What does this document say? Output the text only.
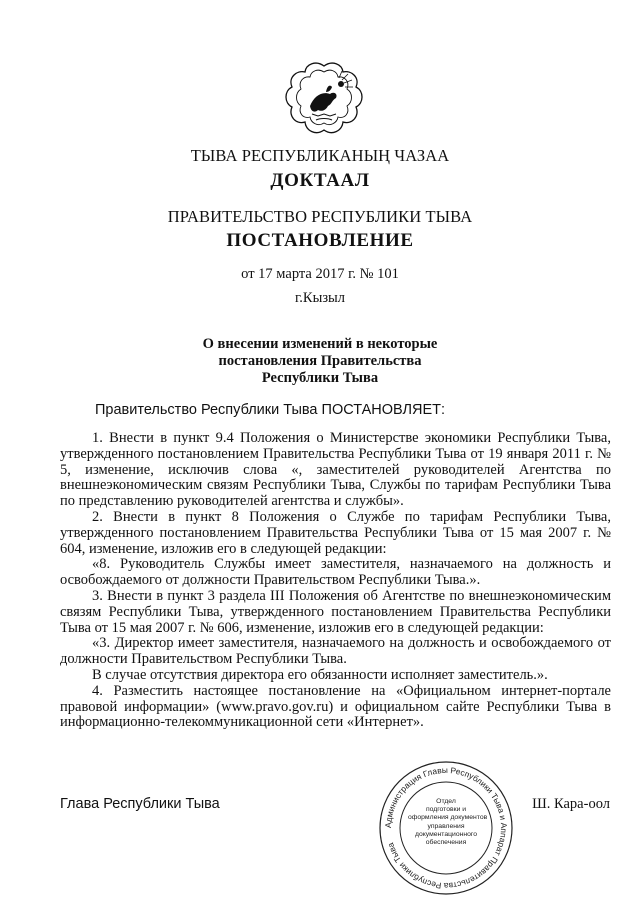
ТЫВА РЕСПУБЛИКАНЫҢ ЧАЗАА
ДОКТААЛ
ПРАВИТЕЛЬСТВО РЕСПУБЛИКИ ТЫВА
ПОСТАНОВЛЕНИЕ
от 17 марта 2017 г. № 101
г.Кызыл
О внесении изменений в некоторые
постановления Правительства
Республики Тыва
Правительство Республики Тыва ПОСТАНОВЛЯЕТ:

1. Внести в пункт 9.4 Положения о Министерстве экономики Республики Тыва, утвержденного постановлением Правительства Республики Тыва от 19 января 2011 г. № 5, изменение, исключив слова «, заместителей руководителей Агентства по внешнеэкономическим связям Республики Тыва, Службы по тарифам Республики Тыва по представлению руководителей агентства и службы».

2. Внести в пункт 8 Положения о Службе по тарифам Республики Тыва, утвержденного постановлением Правительства Республики Тыва от 15 мая 2007 г. № 604, изменение, изложив его в следующей редакции:

«8. Руководитель Службы имеет заместителя, назначаемого на должность и освобождаемого от должности Правительством Республики Тыва.».

3. Внести в пункт 3 раздела III Положения об Агентстве по внешнеэкономическим связям Республики Тыва, утвержденного постановлением Правительства Республики Тыва от 15 мая 2007 г. № 606, изменение, изложив его в следующей редакции:

«3. Директор имеет заместителя, назначаемого на должность и освобождаемого от должности Правительством Республики Тыва.

В случае отсутствия директора его обязанности исполняет заместитель.».

4. Разместить настоящее постановление на «Официальном интернет-портале правовой информации» (www.pravo.gov.ru) и официальном сайте Республики Тыва в информационно-телекоммуникационной сети «Интернет».

Глава Республики Тыва	Ш. Кара-оол
Администрация Главы Республики Тыва и Аппарат Правительства Республики Тыва
Отдел
подготовки и
оформления документов
управления
документационного
обеспечения
